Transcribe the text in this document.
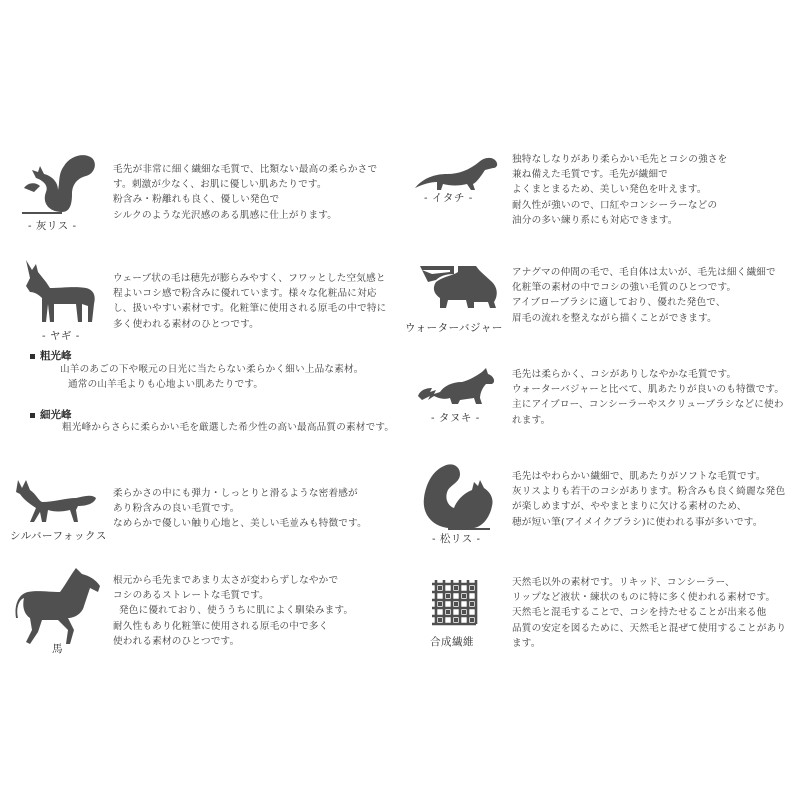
- 灰リス -
毛先が非常に細く繊細な毛質で、比類ない最高の柔らかさで
す。刺激が少なく、お肌に優しい肌あたりです。
粉含み・粉離れも良く、優しい発色で
シルクのような光沢感のある肌感に仕上がります。
- イタチ -
独特なしなりがあり柔らかい毛先とコシの強さを
兼ね備えた毛質です。毛先が繊細で
よくまとまるため、美しい発色を叶えます。
耐久性が強いので、口紅やコンシーラーなどの
油分の多い練り系にも対応できます。
- ヤギ -
ウェーブ状の毛は穂先が膨らみやすく、フワッとした空気感と
程よいコシ感で粉含みに優れています。様々な化粧品に対応
し、扱いやすい素材です。化粧筆に使用される原毛の中で特に
多く使われる素材のひとつです。	ウォーターバジャー
アナグマの仲間の毛で、毛自体は太いが、毛先は細く繊細で
化粧筆の素材の中でコシの強い毛質のひとつです。
アイブローブラシに適しており、優れた発色で、
眉毛の流れを整えながら描くことができます。
粗光峰
山羊のあごの下や喉元の日光に当たらない柔らかく細い上品な素材。
通常の山羊毛よりも心地よい肌あたりです。
細光峰
粗光峰からさらに柔らかい毛を厳選した希少性の高い最高品質の素材です。
- タヌキ -
毛先は柔らかく、コシがありしなやかな毛質です。
ウォーターバジャーと比べて、肌あたりが良いのも特徴です。
主にアイブロー、コンシーラーやスクリューブラシなどに使わ
れます。
シルバーフォックス
柔らかさの中にも弾力・しっとりと滑るような密着感が
あり粉含みの良い毛質です。
なめらかで優しい触り心地と、美しい毛並みも特徴です。
- 松リス -
毛先はやわらかい繊細で、肌あたりがソフトな毛質です。
灰リスよりも若干のコシがあります。粉含みも良く綺麗な発色
が楽しめますが、ややまとまりに欠ける素材のため、
穂が短い筆(アイメイクブラシ)に使われる事が多いです。
馬
根元から毛先まであまり太さが変わらずしなやかで
コシのあるストレートな毛質です。
発色に優れており、使ううちに肌によく馴染みます。
耐久性もあり化粧筆に使用される原毛の中で多く
使われる素材のひとつです。	合成繊維
天然毛以外の素材です。リキッド、コンシーラー、
リップなど液状・練状のものに特に多く使われる素材です。
天然毛と混毛することで、コシを持たせることが出来る他
品質の安定を図るために、天然毛と混ぜて使用することがあり
ます。
